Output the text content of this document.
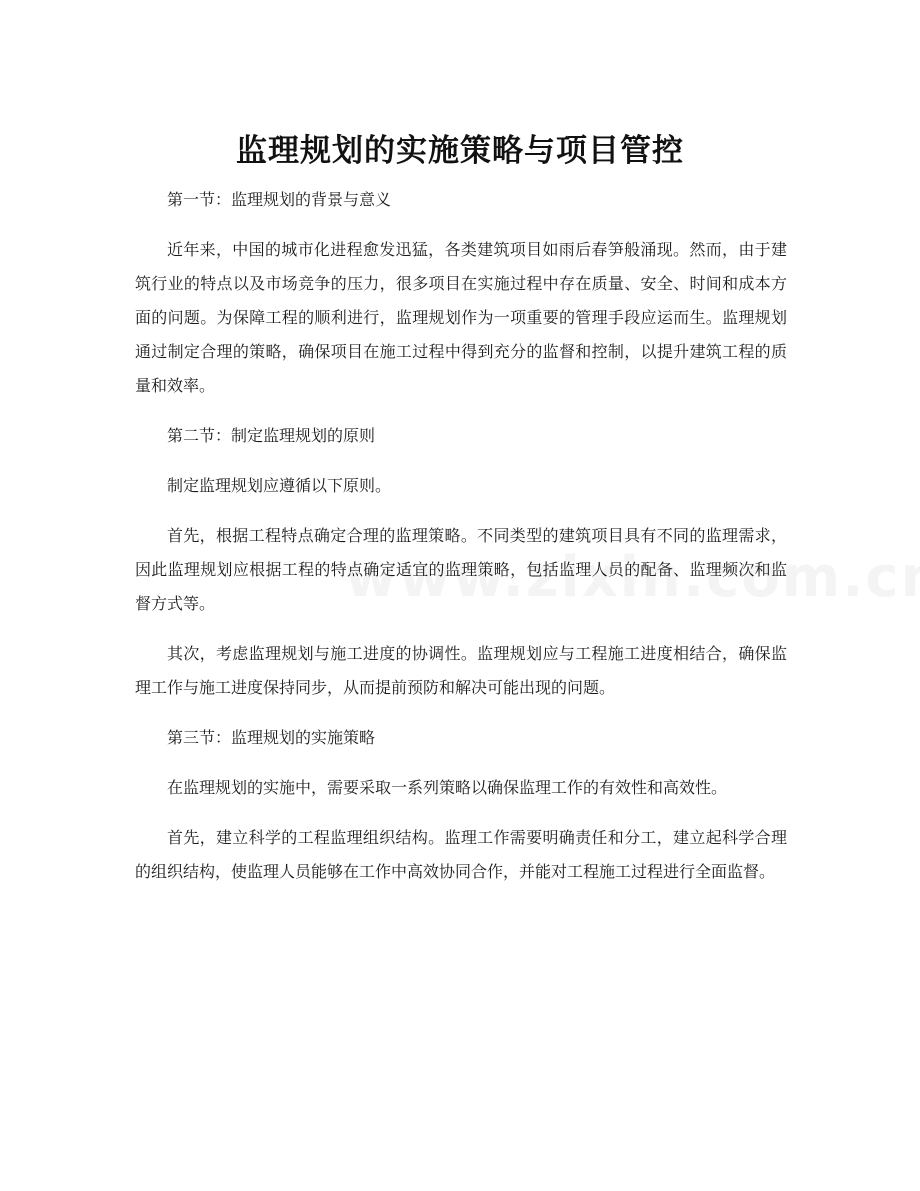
监理规划的实施策略与项目管控

第一节：监理规划的背景与意义

近年来，中国的城市化进程愈发迅猛，各类建筑项目如雨后春笋般涌现。然而，由于建筑行业的特点以及市场竞争的压力，很多项目在实施过程中存在质量、安全、时间和成本方面的问题。为保障工程的顺利进行，监理规划作为一项重要的管理手段应运而生。监理规划通过制定合理的策略，确保项目在施工过程中得到充分的监督和控制，以提升建筑工程的质量和效率。

第二节：制定监理规划的原则

制定监理规划应遵循以下原则。

首先，根据工程特点确定合理的监理策略。不同类型的建筑项目具有不同的监理需求，因此监理规划应根据工程的特点确定适宜的监理策略，包括监理人员的配备、监理频次和监督方式等。

其次，考虑监理规划与施工进度的协调性。监理规划应与工程施工进度相结合，确保监理工作与施工进度保持同步，从而提前预防和解决可能出现的问题。

第三节：监理规划的实施策略

在监理规划的实施中，需要采取一系列策略以确保监理工作的有效性和高效性。

首先，建立科学的工程监理组织结构。监理工作需要明确责任和分工，建立起科学合理的组织结构，使监理人员能够在工作中高效协同合作，并能对工程施工过程进行全面监督。
